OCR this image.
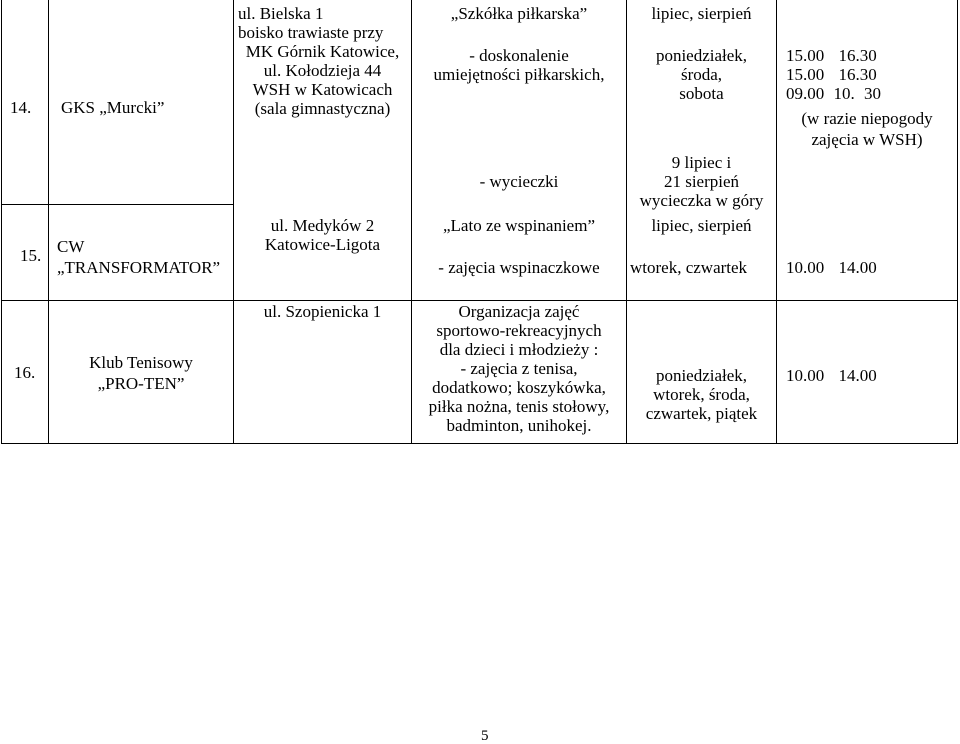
14. GKS „Murcki”
ul. Bielska 1
boisko trawiaste przy
MK Górnik Katowice,
ul. Kołodzieja 44
WSH w Katowicach
(sala gimnastyczna)
„Szkółka piłkarska”
- doskonalenie
umiejętności piłkarskich,
- wycieczki
lipiec, sierpień
poniedziałek,
środa,
sobota
9 lipiec i
21 sierpień
wycieczka w góry
15.00 16.30
15.00 16.30
09.00 10. 30
(w razie niepogody
zajęcia w WSH)
15. CW
„TRANSFORMATOR”
ul. Medyków 2
Katowice-Ligota
„Lato ze wspinaniem”
- zajęcia wspinaczkowe
lipiec, sierpień
wtorek, czwartek 10.00 14.00
16.
Klub Tenisowy
„PRO-TEN”
ul. Szopienicka 1	Organizacja zajęć
sportowo-rekreacyjnych
dla dzieci i młodzieży :
- zajęcia z tenisa,
dodatkowo; koszykówka,
piłka nożna, tenis stołowy,
badminton, unihokej.
poniedziałek,
wtorek, środa,
czwartek, piątek
10.00 14.00
5
